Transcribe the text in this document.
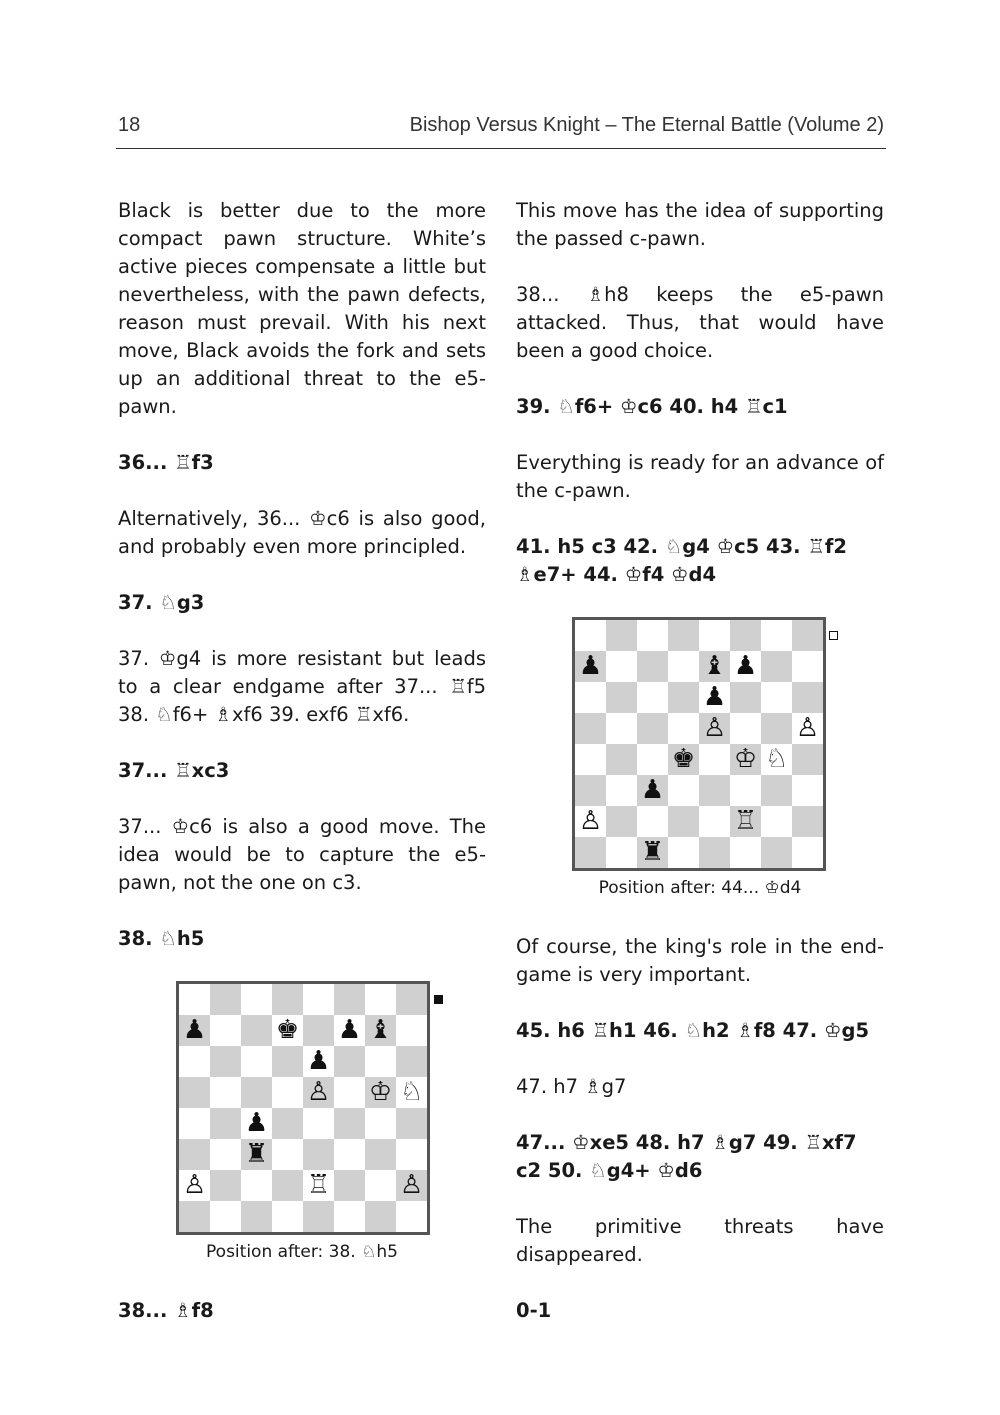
18	Bishop Versus Knight – The Eternal Battle (Volume 2)

Black is better due to the more compact pawn structure. White’s active pieces compensate a little but nevertheless, with the pawn defects, reason must prevail. With his next move, Black avoids the fork and sets up an additional threat to the e5-pawn.

36... ♖f3

Alternatively, 36... ♔c6 is also good, and probably even more principled.

37. ♘g3

37. ♔g4 is more resistant but leads to a clear endgame after 37... ♖f5 38. ♘f6+ ♗xf6 39. exf6 ♖xf6.

37... ♖xc3

37... ♔c6 is also a good move. The idea would be to capture the e5-pawn, not the one on c3.

38. ♘h5

♟	♚ ♟ ♝
♟
♙ ♔ ♘
♟
♜
♙	♖	♙
Position after: 38. ♘h5

38... ♗f8

This move has the idea of supporting the passed c-pawn.

38... ♗h8 keeps the e5-pawn attacked. Thus, that would have been a good choice.

39. ♘f6+ ♔c6 40. h4 ♖c1

Everything is ready for an advance of the c-pawn.

41. h5 c3 42. ♘g4 ♔c5 43. ♖f2 ♗e7+ 44. ♔f4 ♔d4

♟	♝ ♟
♟
♙	♙
♚ ♔ ♘
♟
♙	♖
♜
Position after: 44... ♔d4

Of course, the king's role in the end-game is very important.

45. h6 ♖h1 46. ♘h2 ♗f8 47. ♔g5

47. h7 ♗g7

47... ♔xe5 48. h7 ♗g7 49. ♖xf7 c2 50. ♘g4+ ♔d6

The primitive threats have disappeared.

0-1
